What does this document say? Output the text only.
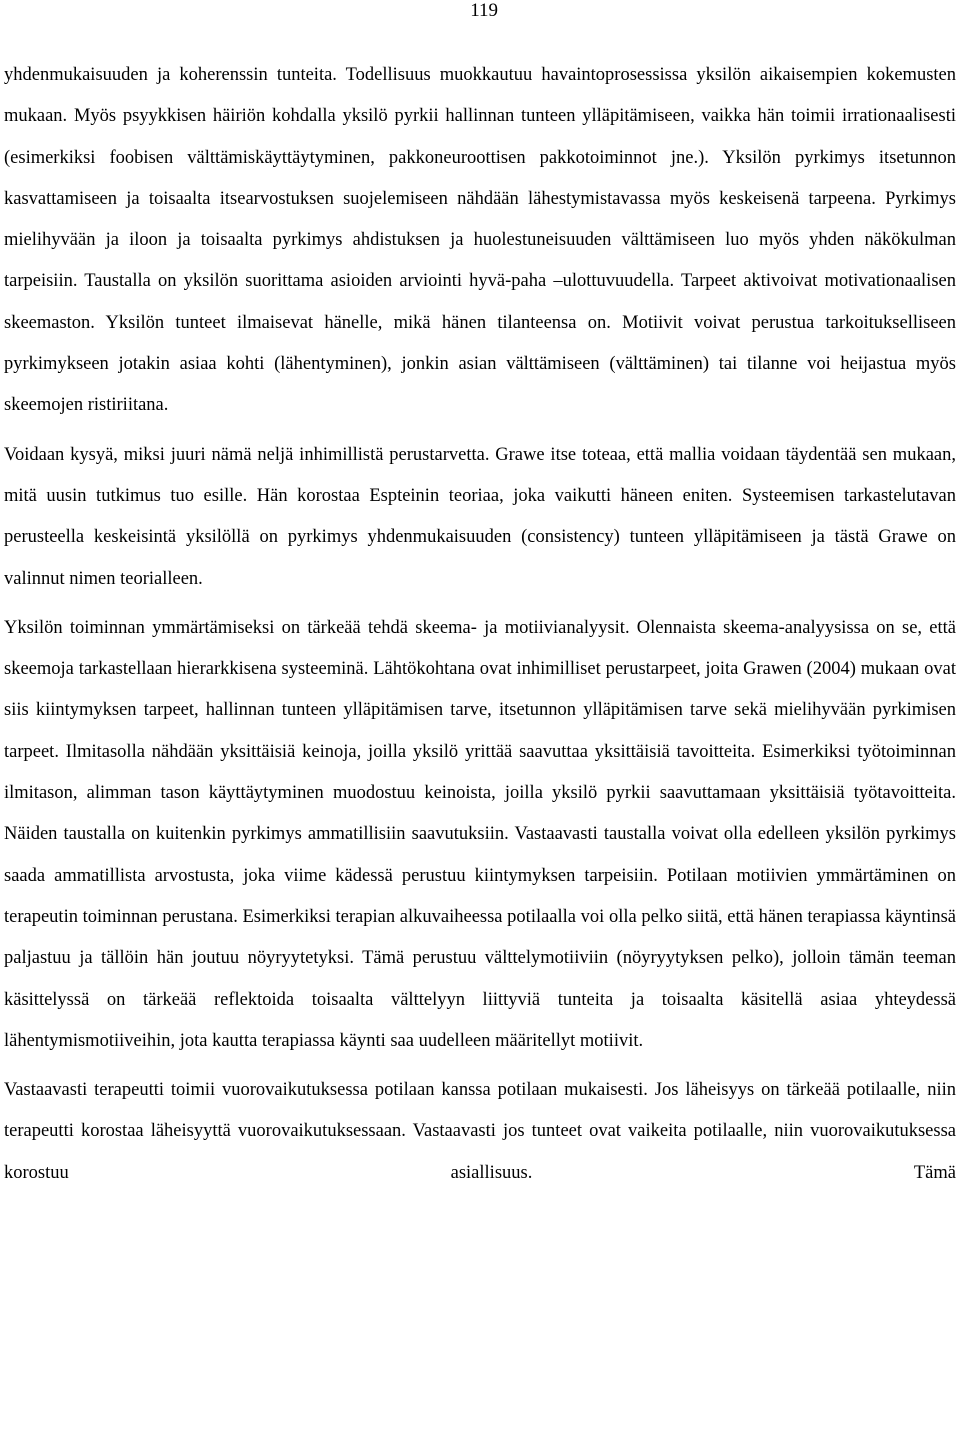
119

yhdenmukaisuuden ja koherenssin tunteita. Todellisuus muokkautuu havaintoprosessissa yksilön aikaisempien kokemusten mukaan. Myös psyykkisen häiriön kohdalla yksilö pyrkii hallinnan tunteen ylläpitämiseen, vaikka hän toimii irrationaalisesti (esimerkiksi foobisen välttämiskäyttäytyminen, pakkoneuroottisen pakkotoiminnot jne.). Yksilön pyrkimys itsetunnon kasvattamiseen ja toisaalta itsearvostuksen suojelemiseen nähdään lähestymistavassa myös keskeisenä tarpeena. Pyrkimys mielihyvään ja iloon ja toisaalta pyrkimys ahdistuksen ja huolestuneisuuden välttämiseen luo myös yhden näkökulman tarpeisiin. Taustalla on yksilön suorittama asioiden arviointi hyvä-paha –ulottuvuudella. Tarpeet aktivoivat motivationaalisen skeemaston. Yksilön tunteet ilmaisevat hänelle, mikä hänen tilanteensa on. Motiivit voivat perustua tarkoitukselliseen pyrkimykseen jotakin asiaa kohti (lähentyminen), jonkin asian välttämiseen (välttäminen) tai tilanne voi heijastua myös skeemojen ristiriitana.

Voidaan kysyä, miksi juuri nämä neljä inhimillistä perustarvetta. Grawe itse toteaa, että mallia voidaan täydentää sen mukaan, mitä uusin tutkimus tuo esille. Hän korostaa Espteinin teoriaa, joka vaikutti häneen eniten. Systeemisen tarkastelutavan perusteella keskeisintä yksilöllä on pyrkimys yhdenmukaisuuden (consistency) tunteen ylläpitämiseen ja tästä Grawe on valinnut nimen teorialleen.

Yksilön toiminnan ymmärtämiseksi on tärkeää tehdä skeema- ja motiivianalyysit. Olennaista skeema-analyysissa on se, että skeemoja tarkastellaan hierarkkisena systeeminä. Lähtökohtana ovat inhimilliset perustarpeet, joita Grawen (2004) mukaan ovat siis kiintymyksen tarpeet, hallinnan tunteen ylläpitämisen tarve, itsetunnon ylläpitämisen tarve sekä mielihyvään pyrkimisen tarpeet. Ilmitasolla nähdään yksittäisiä keinoja, joilla yksilö yrittää saavuttaa yksittäisiä tavoitteita. Esimerkiksi työtoiminnan ilmitason, alimman tason käyttäytyminen muodostuu keinoista, joilla yksilö pyrkii saavuttamaan yksittäisiä työtavoitteita. Näiden taustalla on kuitenkin pyrkimys ammatillisiin saavutuksiin. Vastaavasti taustalla voivat olla edelleen yksilön pyrkimys saada ammatillista arvostusta, joka viime kädessä perustuu kiintymyksen tarpeisiin. Potilaan motiivien ymmärtäminen on terapeutin toiminnan perustana. Esimerkiksi terapian alkuvaiheessa potilaalla voi olla pelko siitä, että hänen terapiassa käyntinsä paljastuu ja tällöin hän joutuu nöyryytetyksi. Tämä perustuu välttelymotiiviin (nöyryytyksen pelko), jolloin tämän teeman käsittelyssä on tärkeää reflektoida toisaalta välttelyyn liittyviä tunteita ja toisaalta käsitellä asiaa yhteydessä lähentymismotiiveihin, jota kautta terapiassa käynti saa uudelleen määritellyt motiivit.

Vastaavasti terapeutti toimii vuorovaikutuksessa potilaan kanssa potilaan mukaisesti. Jos läheisyys on tärkeää potilaalle, niin terapeutti korostaa läheisyyttä vuorovaikutuksessaan. Vastaavasti jos tunteet ovat vaikeita potilaalle, niin vuorovaikutuksessa korostuu asiallisuus. Tämä
